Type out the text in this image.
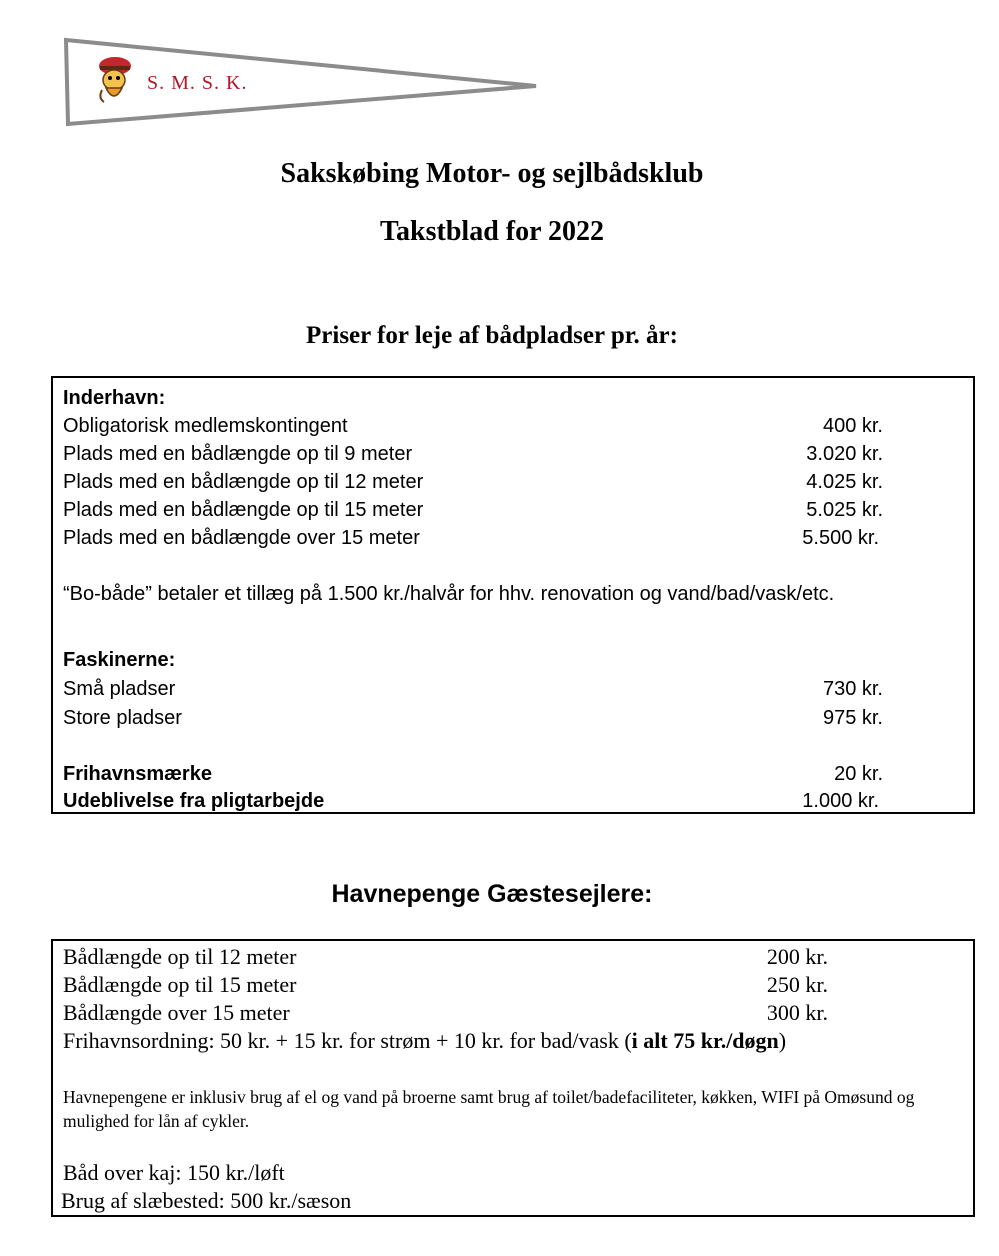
S. M. S. K.
Sakskøbing Motor- og sejlbådsklub
Takstblad for 2022
Priser for leje af bådpladser pr. år:
Inderhavn:
Obligatorisk medlemskontingent	400 kr.
Plads med en bådlængde op til 9 meter	3.020 kr.
Plads med en bådlængde op til 12 meter	4.025 kr.
Plads med en bådlængde op til 15 meter	5.025 kr.
Plads med en bådlængde over 15 meter	5.500 kr.
“Bo-både” betaler et tillæg på 1.500 kr./halvår for hhv. renovation og vand/bad/vask/etc.
Faskinerne:
Små pladser	730 kr.
Store pladser	975 kr.
Frihavnsmærke	20 kr.
Udeblivelse fra pligtarbejde	1.000 kr.
Havnepenge Gæstesejlere:
Bådlængde op til 12 meter	200 kr.
Bådlængde op til 15 meter	250 kr.
Bådlængde over 15 meter	300 kr.
Frihavnsordning: 50 kr. + 15 kr. for strøm + 10 kr. for bad/vask (i alt 75 kr./døgn)
Havnepengene er inklusiv brug af el og vand på broerne samt brug af toilet/badefaciliteter, køkken, WIFI på Omøsund og mulighed for lån af cykler.
Båd over kaj: 150 kr./løft
Brug af slæbested: 500 kr./sæson
